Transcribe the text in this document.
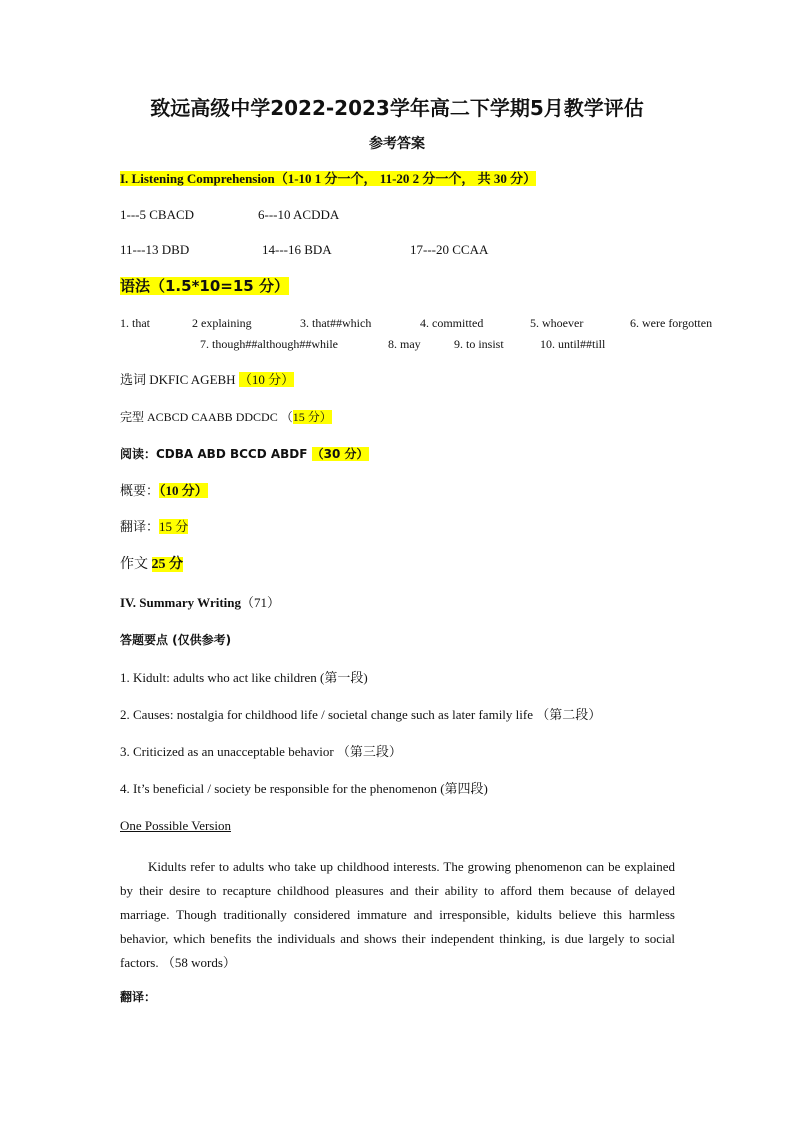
致远高级中学2022-2023学年高二下学期5月教学评估
参考答案
I. Listening Comprehension（1-10 1 分一个， 11-20 2 分一个， 共 30 分）
1---5 CBACD	6---10 ACDDA
11---13 DBD	14---16 BDA	17---20 CCAA
语法（1.5*10=15 分）
1. that	2 explaining	3. that##which	4. committed	5. whoever	6. were forgotten
7. though##although##while	8. may	9. to insist	10. until##till
选词 DKFIC AGEBH （10 分）
完型 ACBCD CAABB DDCDC （15 分）
阅读：CDBA ABD BCCD ABDF （30 分）
概要：（10 分）
翻译：15 分
作文 25 分
IV. Summary Writing（71）
答题要点 (仅供参考)
1. Kidult: adults who act like children (第一段)
2. Causes: nostalgia for childhood life / societal change such as later family life （第二段）
3. Criticized as an unacceptable behavior （第三段）
4. It’s beneficial / society be responsible for the phenomenon (第四段)
One Possible Version
Kidults refer to adults who take up childhood interests. The growing phenomenon can be explained by their desire to recapture childhood pleasures and their ability to afford them because of delayed marriage. Though traditionally considered immature and irresponsible, kidults believe this harmless behavior, which benefits the individuals and shows their independent thinking, is due largely to social factors. （58 words）
翻译：
